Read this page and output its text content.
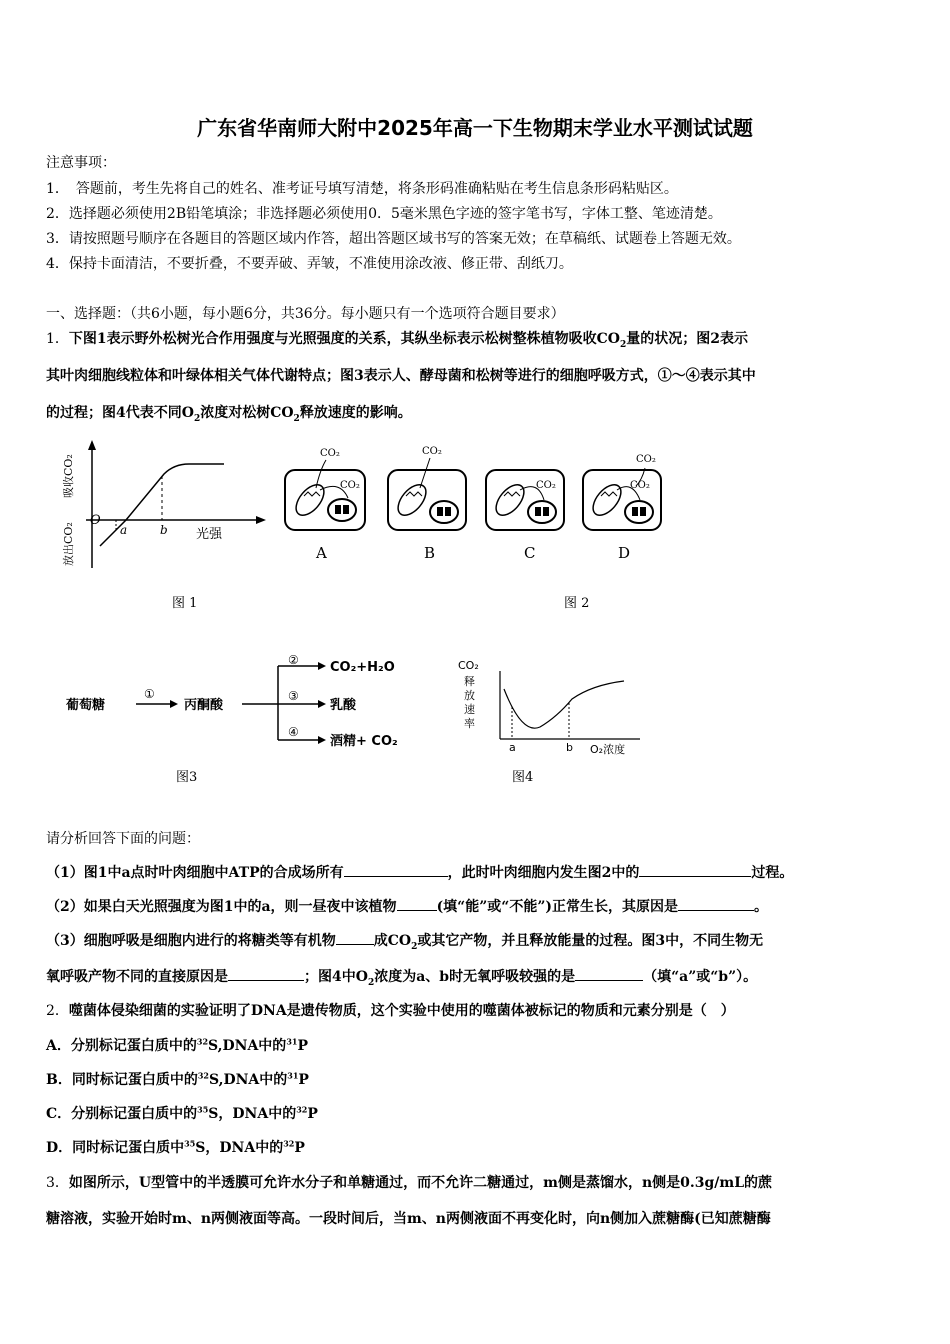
广东省华南师大附中2025年高一下生物期末学业水平测试试题
注意事项：
1．　答题前，考生先将自己的姓名、准考证号填写清楚，将条形码准确粘贴在考生信息条形码粘贴区。
2．选择题必须使用2B铅笔填涂；非选择题必须使用0．5毫米黑色字迹的签字笔书写，字体工整、笔迹清楚。
3．请按照题号顺序在各题目的答题区域内作答，超出答题区域书写的答案无效；在草稿纸、试题卷上答题无效。
4．保持卡面清洁，不要折叠，不要弄破、弄皱，不准使用涂改液、修正带、刮纸刀。
一、选择题：（共6小题，每小题6分，共36分。每小题只有一个选项符合题目要求）
1．下图1表示野外松树光合作用强度与光照强度的关系，其纵坐标表示松树整株植物吸收$CO_2$量的状况；图2表示
其叶肉细胞线粒体和叶绿体相关气体代谢特点；图3表示人、酵母菌和松树等进行的细胞呼吸方式，①～④表示其中
的过程；图4代表不同$O_2$浓度对松树$CO_2$释放速度的影响。
吸收CO₂
放出CO₂
O
a	b 光强
图 1
CO₂
CO₂
CO₂
CO₂
CO₂
CO₂
A	B	C	D
图 2
葡萄糖
①
丙酮酸
②
③
④
CO₂+H₂O
乳酸
酒精+ CO₂
图3
CO₂
释
放
速
率
a	b O₂浓度
图4
请分析回答下面的问题：
（1）图1中a点时叶肉细胞中ATP的合成场所有	，此时叶肉细胞内发生图2中的	过程。
（2）如果白天光照强度为图1中的a，则一昼夜中该植物	(填“能”或“不能”)正常生长，其原因是	。
（3）细胞呼吸是细胞内进行的将糖类等有机物	成$CO_2$或其它产物，并且释放能量的过程。图3中，不同生物无
氧呼吸产物不同的直接原因是	；图4中$O_2$浓度为a、b时无氧呼吸较强的是	（填“a”或“b”）。
2．噬菌体侵染细菌的实验证明了DNA是遗传物质，这个实验中使用的噬菌体被标记的物质和元素分别是（　）
A．分别标记蛋白质中的$^{32}$S,DNA中的$^{31}$P
B．同时标记蛋白质中的$^{32}$S,DNA中的$^{31}$P
C．分别标记蛋白质中的$^{35}$S，DNA中的$^{32}$P
D．同时标记蛋白质中$^{35}$S，DNA中的$^{32}$P
3．如图所示，U型管中的半透膜可允许水分子和单糖通过，而不允许二糖通过，m侧是蒸馏水，n侧是0.3g/mL的蔗
糖溶液，实验开始时m、n两侧液面等高。一段时间后，当m、n两侧液面不再变化时，向n侧加入蔗糖酶(已知蔗糖酶
